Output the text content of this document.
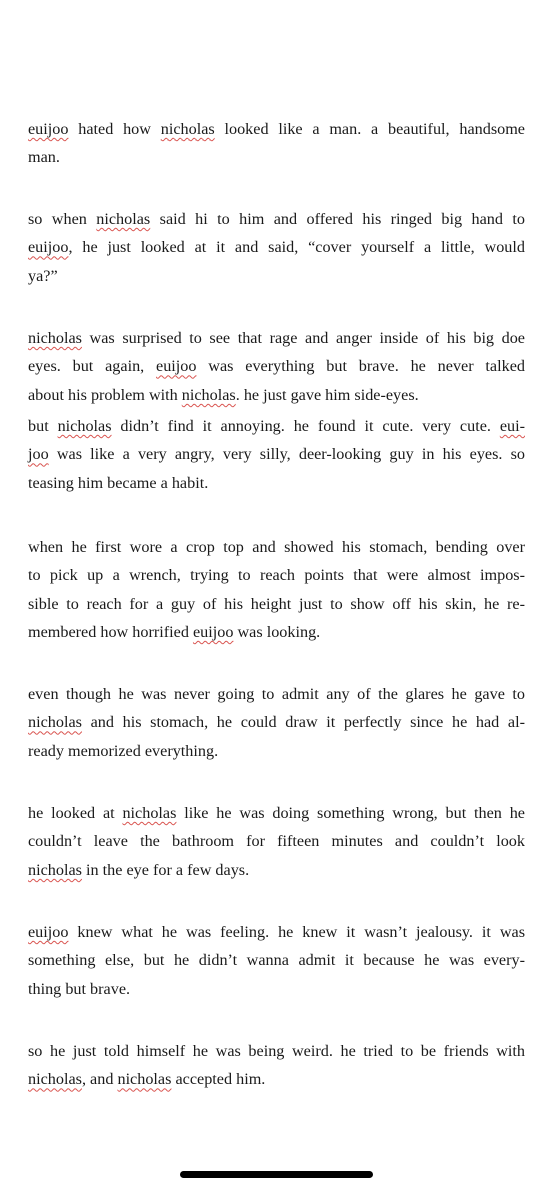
euijoo hated how nicholas looked like a man. a beautiful, handsome
man.

so when nicholas said hi to him and offered his ringed big hand to
euijoo, he just looked at it and said, “cover yourself a little, would
ya?”

nicholas was surprised to see that rage and anger inside of his big doe
eyes. but again, euijoo was everything but brave. he never talked
about his problem with nicholas. he just gave him side-eyes.

but nicholas didn’t find it annoying. he found it cute. very cute. eui-
joo was like a very angry, very silly, deer-looking guy in his eyes. so
teasing him became a habit.

when he first wore a crop top and showed his stomach, bending over
to pick up a wrench, trying to reach points that were almost impos-
sible to reach for a guy of his height just to show off his skin, he re-
membered how horrified euijoo was looking.

even though he was never going to admit any of the glares he gave to
nicholas and his stomach, he could draw it perfectly since he had al-
ready memorized everything.

he looked at nicholas like he was doing something wrong, but then he
couldn’t leave the bathroom for fifteen minutes and couldn’t look
nicholas in the eye for a few days.

euijoo knew what he was feeling. he knew it wasn’t jealousy. it was
something else, but he didn’t wanna admit it because he was every-
thing but brave.

so he just told himself he was being weird. he tried to be friends with
nicholas, and nicholas accepted him.
